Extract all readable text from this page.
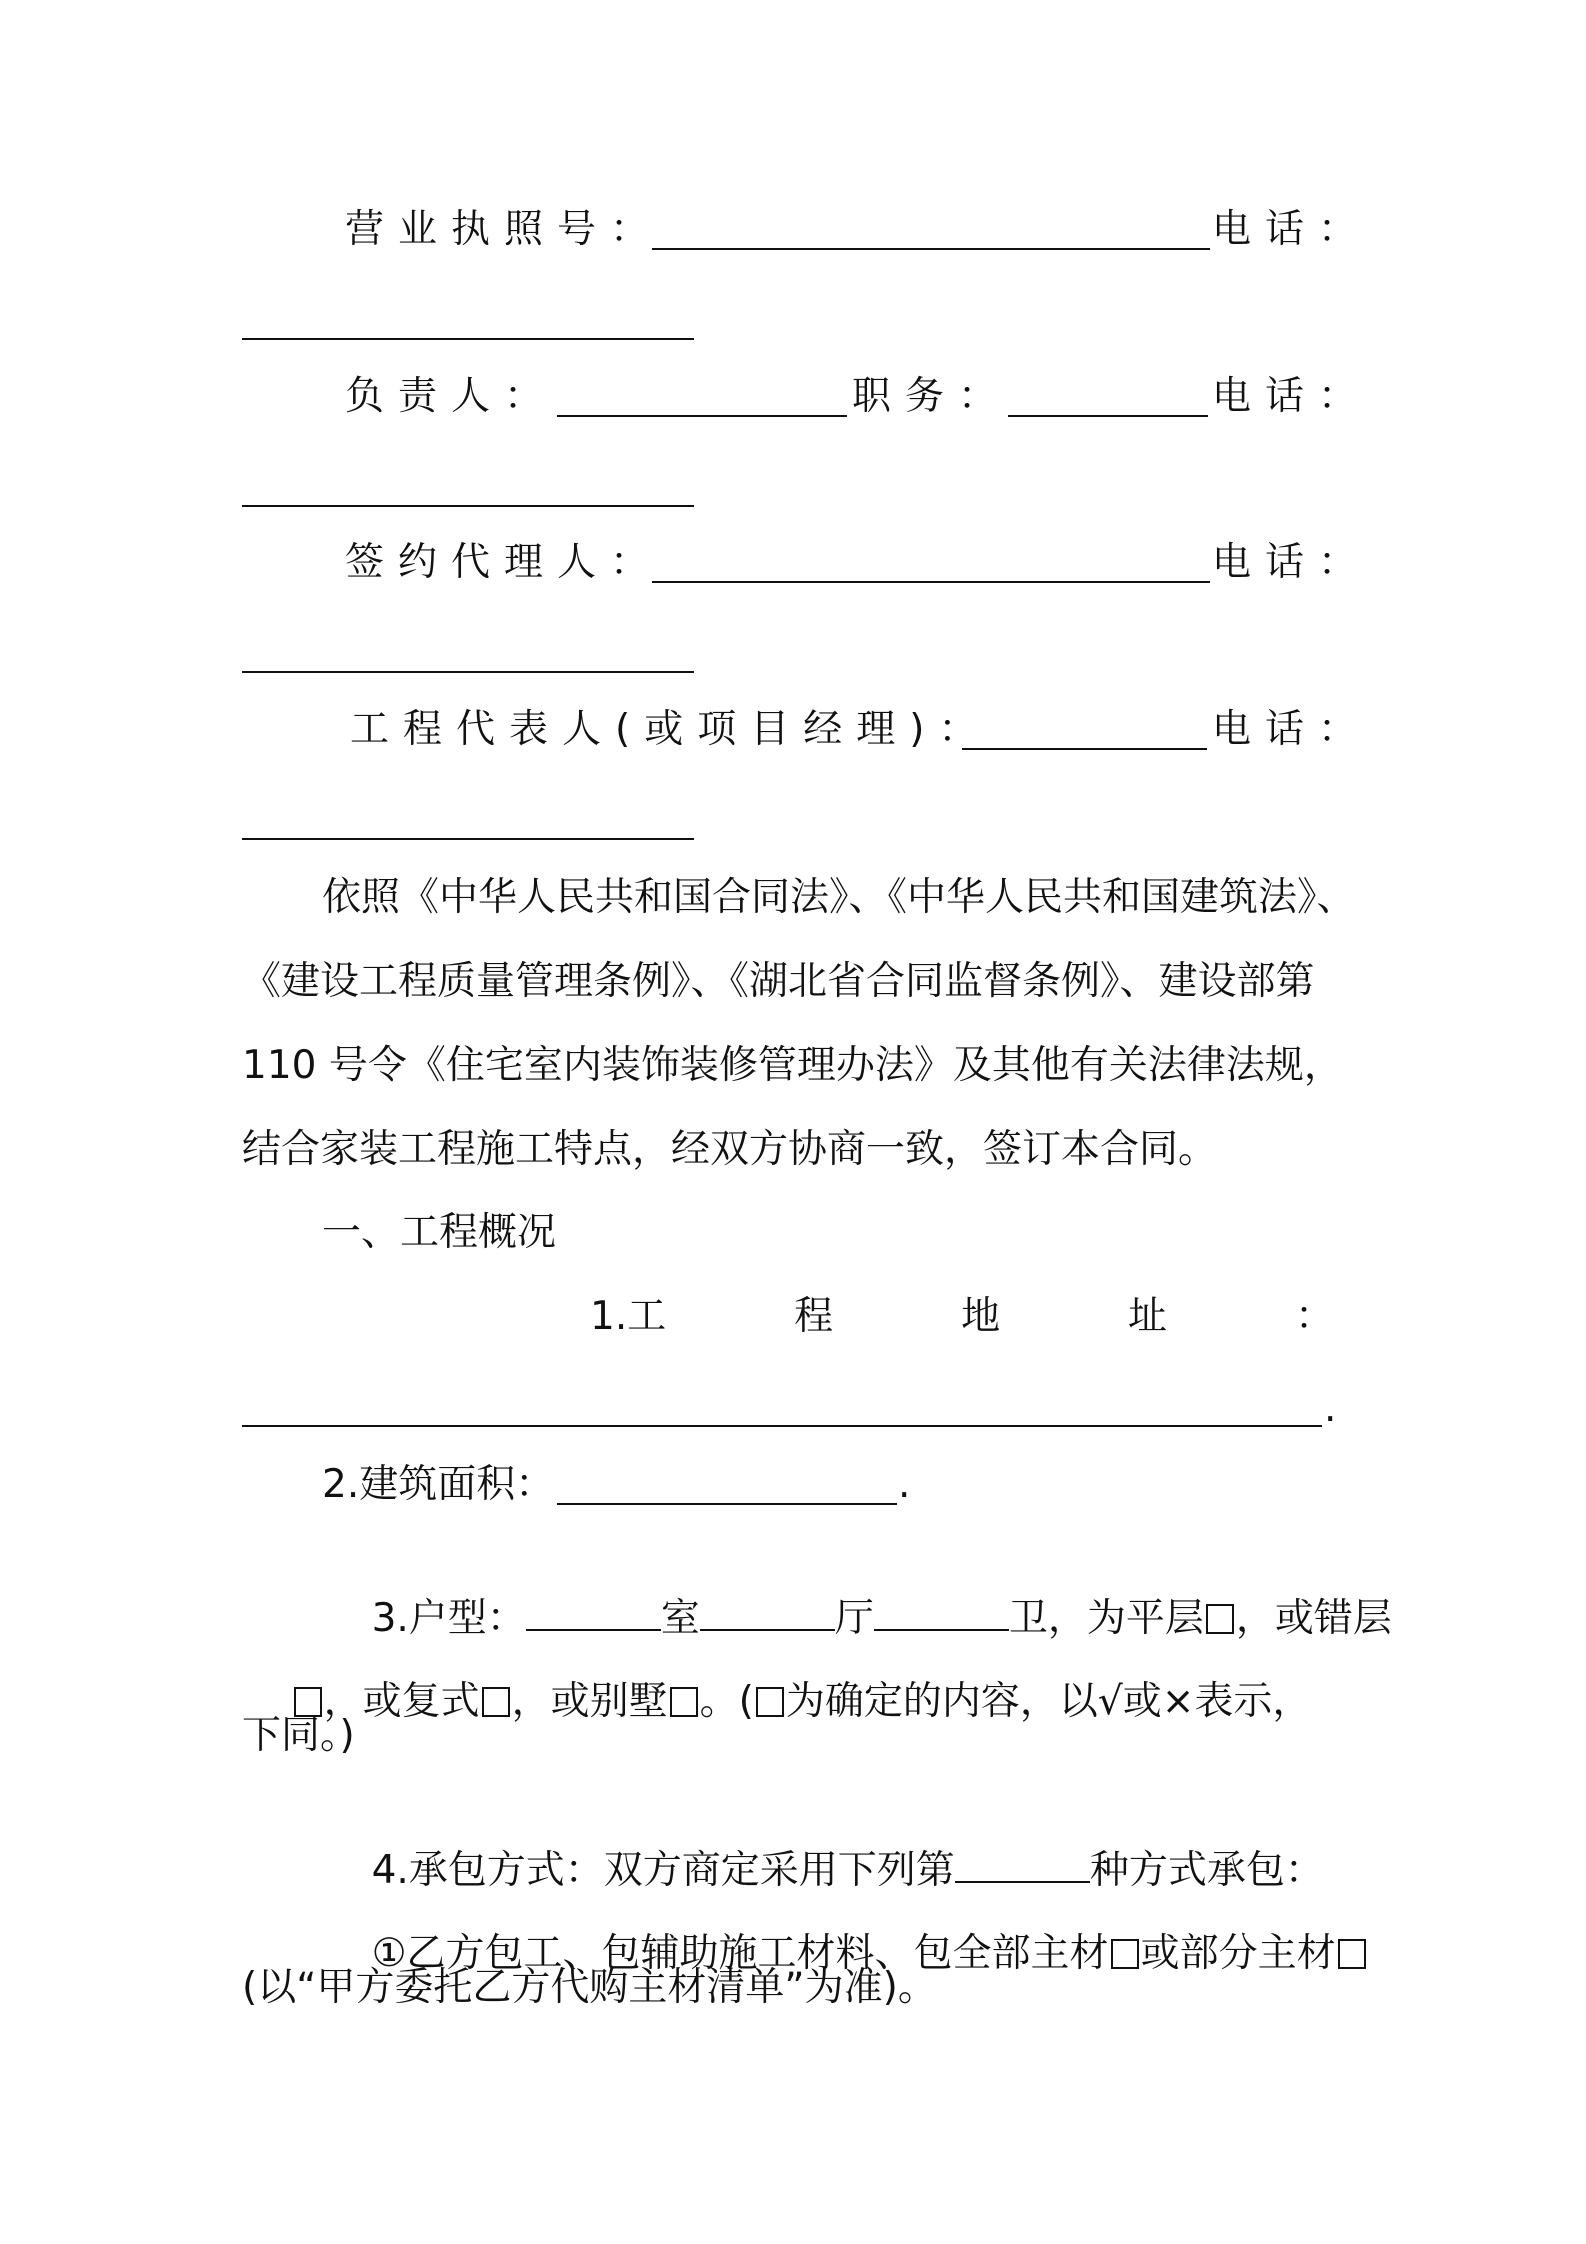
营业执照号：	电话：
负责人：	职务：	电话：
签约代理人：	电话：
工程代表人(或项目经理)：	电话：
依照《中华人民共和国合同法》、《中华人民共和国建筑法》、
《建设工程质量管理条例》、《湖北省合同监督条例》、建设部第
110 号令《住宅室内装饰装修管理办法》及其他有关法律法规，
结合家装工程施工特点，经双方协商一致，签订本合同。
一、工程概况
1.工	程	地	址	：
.
2.建筑面积：	.

3.户型：	室	厅	卫，为平层 ，或错层

，或复式 ，或别墅 。( 为确定的内容，以√或×表示，

下同。)

4.承包方式：双方商定采用下列第	种方式承包：

①乙方包工、包辅助施工材料、包全部主材 或部分主材

(以“甲方委托乙方代购主材清单”为准)。
